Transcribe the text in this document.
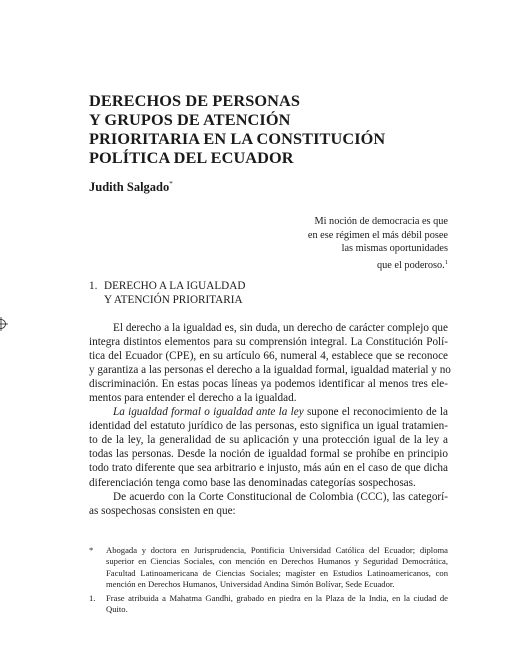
DERECHOS DE PERSONAS
Y GRUPOS DE ATENCIÓN
PRIORITARIA EN LA CONSTITUCIÓN
POLÍTICA DEL ECUADOR
Judith Salgado*
Mi noción de democracia es que
en ese régimen el más débil posee
las mismas oportunidades
que el poderoso.$^1$
1. DERECHO A LA IGUALDAD
Y ATENCIÓN PRIORITARIA
El derecho a la igualdad es, sin duda, un derecho de carácter complejo que
integra distintos elementos para su comprensión integral. La Constitución Polí-
tica del Ecuador (CPE), en su artículo 66, numeral 4, establece que se reconoce
y garantiza a las personas el derecho a la igualdad formal, igualdad material y no
discriminación. En estas pocas líneas ya podemos identificar al menos tres ele-
mentos para entender el derecho a la igualdad.
La igualdad formal o igualdad ante la ley supone el reconocimiento de la
identidad del estatuto jurídico de las personas, esto significa un igual tratamien-
to de la ley, la generalidad de su aplicación y una protección igual de la ley a
todas las personas. Desde la noción de igualdad formal se prohíbe en principio
todo trato diferente que sea arbitrario e injusto, más aún en el caso de que dicha
diferenciación tenga como base las denominadas categorías sospechosas.
De acuerdo con la Corte Constitucional de Colombia (CCC), las categorí-
as sospechosas consisten en que:
* Abogada y doctora en Jurisprudencia, Pontificia Universidad Católica del Ecuador; diploma
superior en Ciencias Sociales, con mención en Derechos Humanos y Seguridad Democrática,
Facultad Latinoamericana de Ciencias Sociales; magíster en Estudios Latinoamericanos, con
mención en Derechos Humanos, Universidad Andina Simón Bolívar, Sede Ecuador.
1. Frase atribuida a Mahatma Gandhi, grabado en piedra en la Plaza de la India, en la ciudad de
Quito.
